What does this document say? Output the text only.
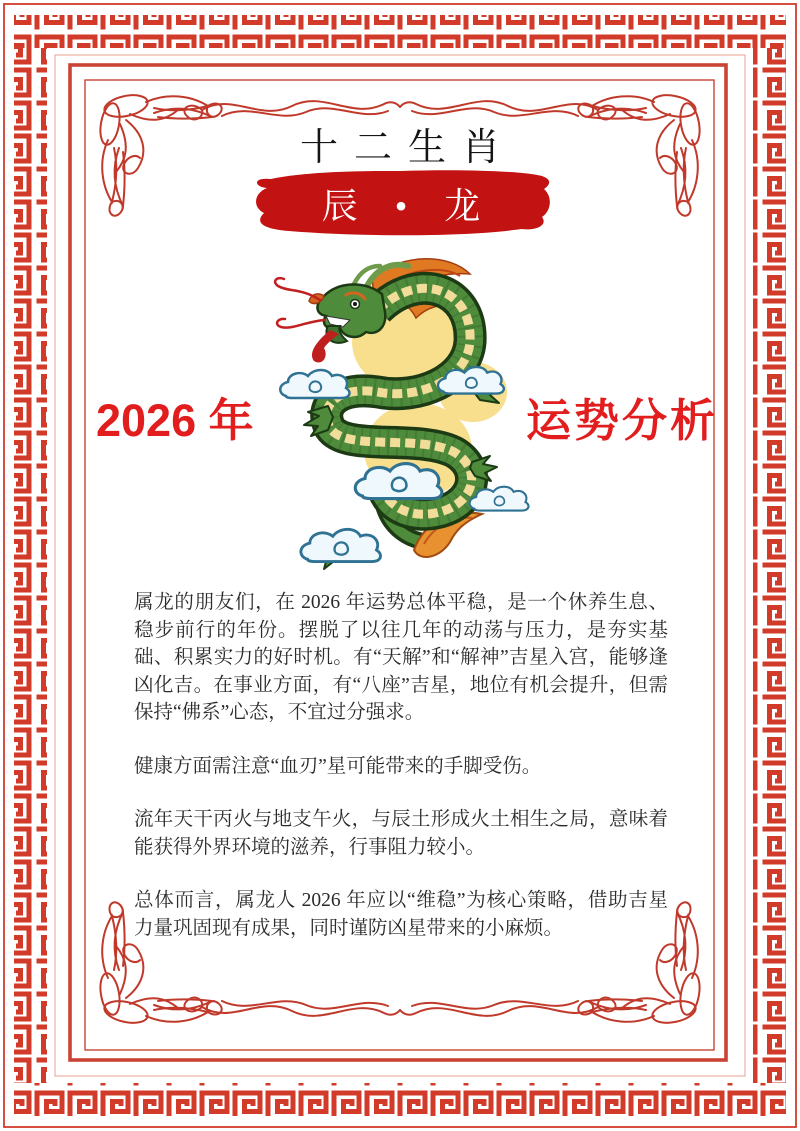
十二生肖
辰 • 龙
2026 年	运势分析

属龙的朋友们，在 2026 年运势总体平稳，是一个休养生息、稳步前行的年份。摆脱了以往几年的动荡与压力，是夯实基础、积累实力的好时机。有“天解”和“解神”吉星入宫，能够逢凶化吉。在事业方面，有“八座”吉星，地位有机会提升，但需保持“佛系”心态，不宜过分强求。

健康方面需注意“血刃”星可能带来的手脚受伤。

流年天干丙火与地支午火，与辰土形成火土相生之局，意味着能获得外界环境的滋养，行事阻力较小。

总体而言，属龙人 2026 年应以“维稳”为核心策略，借助吉星力量巩固现有成果，同时谨防凶星带来的小麻烦。
